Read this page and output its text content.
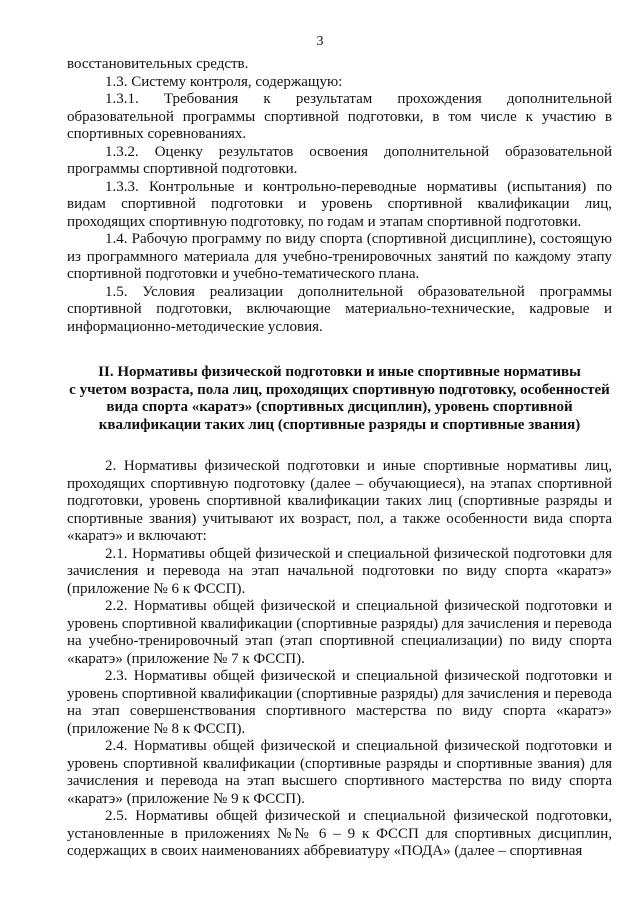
3

восстановительных средств.

1.3. Систему контроля, содержащую:

1.3.1. Требования к результатам прохождения дополнительной образовательной программы спортивной подготовки, в том числе к участию в спортивных соревнованиях.

1.3.2. Оценку результатов освоения дополнительной образовательной программы спортивной подготовки.

1.3.3. Контрольные и контрольно-переводные нормативы (испытания) по видам спортивной подготовки и уровень спортивной квалификации лиц, проходящих спортивную подготовку, по годам и этапам спортивной подготовки.

1.4. Рабочую программу по виду спорта (спортивной дисциплине), состоящую из программного материала для учебно-тренировочных занятий по каждому этапу спортивной подготовки и учебно-тематического плана.

1.5. Условия реализации дополнительной образовательной программы спортивной подготовки, включающие материально-технические, кадровые и информационно-методические условия.

II. Нормативы физической подготовки и иные спортивные нормативы
с учетом возраста, пола лиц, проходящих спортивную подготовку, особенностей
вида спорта «каратэ» (спортивных дисциплин), уровень спортивной
квалификации таких лиц (спортивные разряды и спортивные звания)

2. Нормативы физической подготовки и иные спортивные нормативы лиц, проходящих спортивную подготовку (далее – обучающиеся), на этапах спортивной подготовки, уровень спортивной квалификации таких лиц (спортивные разряды и спортивные звания) учитывают их возраст, пол, а также особенности вида спорта «каратэ» и включают:

2.1. Нормативы общей физической и специальной физической подготовки для зачисления и перевода на этап начальной подготовки по виду спорта «каратэ» (приложение № 6 к ФССП).

2.2. Нормативы общей физической и специальной физической подготовки и уровень спортивной квалификации (спортивные разряды) для зачисления и перевода на учебно-тренировочный этап (этап спортивной специализации) по виду спорта «каратэ» (приложение № 7 к ФССП).

2.3. Нормативы общей физической и специальной физической подготовки и уровень спортивной квалификации (спортивные разряды) для зачисления и перевода на этап совершенствования спортивного мастерства по виду спорта «каратэ» (приложение № 8 к ФССП).

2.4. Нормативы общей физической и специальной физической подготовки и уровень спортивной квалификации (спортивные разряды и спортивные звания) для зачисления и перевода на этап высшего спортивного мастерства по виду спорта «каратэ» (приложение № 9 к ФССП).

2.5. Нормативы общей физической и специальной физической подготовки, установленные в приложениях №№ 6 – 9 к ФССП для спортивных дисциплин, содержащих в своих наименованиях аббревиатуру «ПОДА» (далее – спортивная
